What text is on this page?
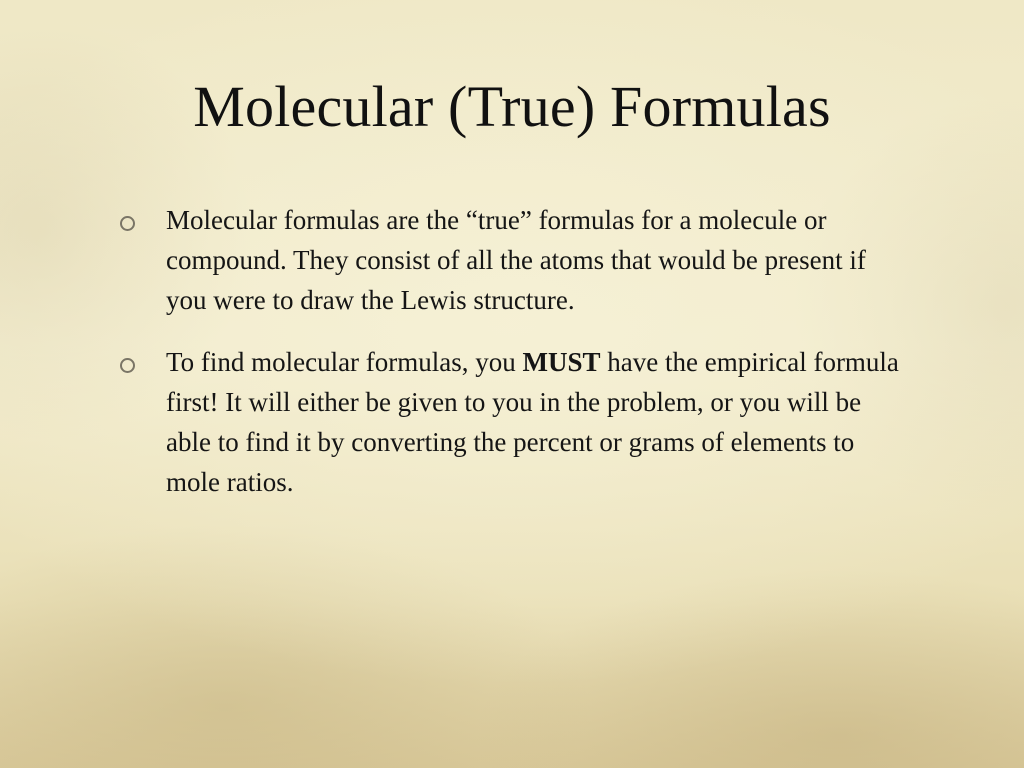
Molecular (True) Formulas
Molecular formulas are the “true” formulas for a molecule or compound. They consist of all the atoms that would be present if you were to draw the Lewis structure.
To find molecular formulas, you MUST have the empirical formula first! It will either be given to you in the problem, or you will be able to find it by converting the percent or grams of elements to mole ratios.
